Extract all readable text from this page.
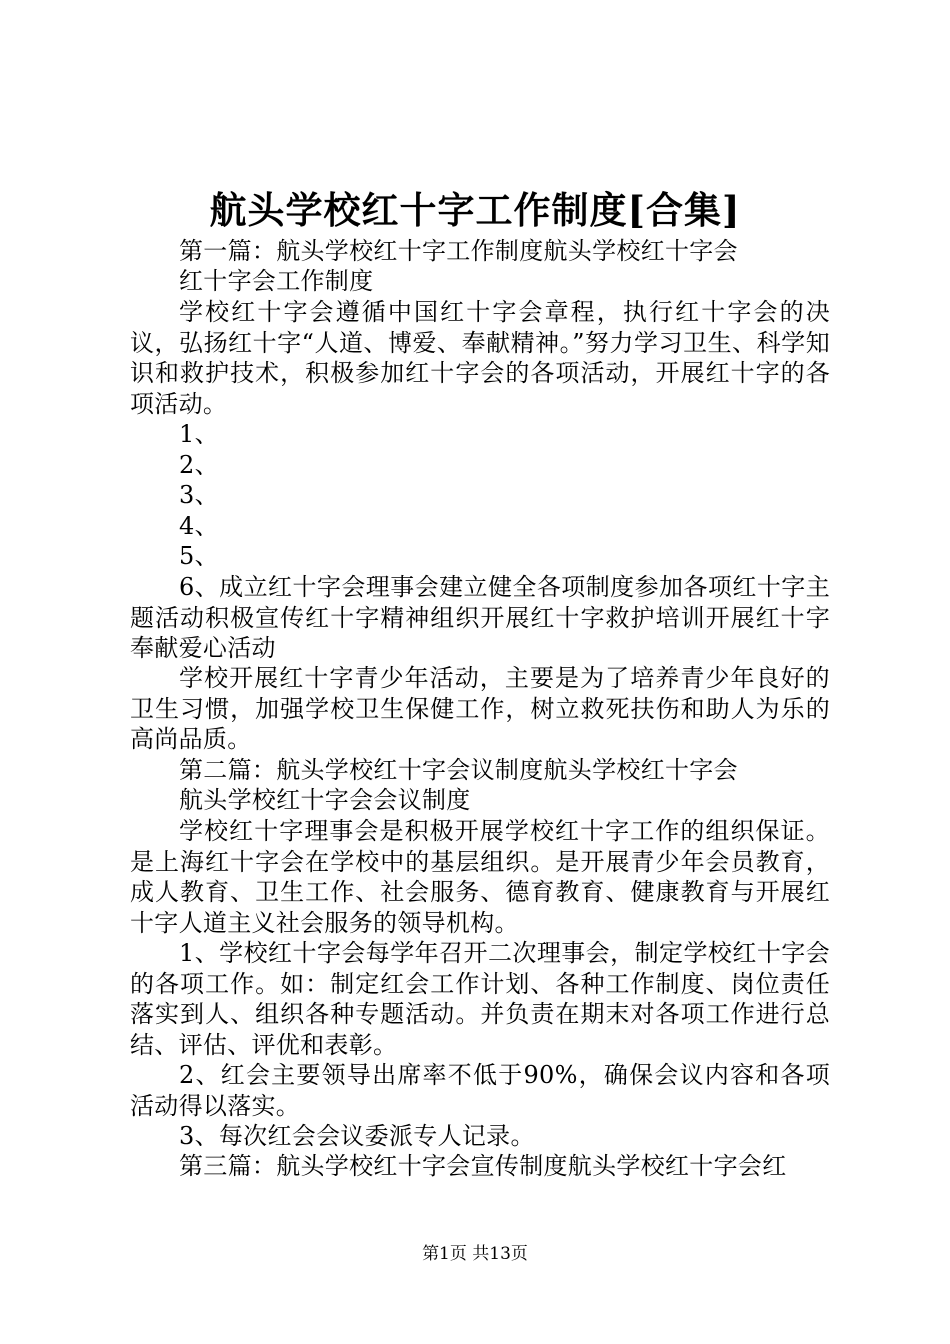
航头学校红十字工作制度[合集]

第一篇：航头学校红十字工作制度航头学校红十字会

红十字会工作制度

学校红十字会遵循中国红十字会章程，执行红十字会的决议，弘扬红十字“人道、博爱、奉献精神。”努力学习卫生、科学知识和救护技术，积极参加红十字会的各项活动，开展红十字的各项活动。

1、

2、

3、

4、

5、

6、成立红十字会理事会建立健全各项制度参加各项红十字主题活动积极宣传红十字精神组织开展红十字救护培训开展红十字奉献爱心活动

学校开展红十字青少年活动，主要是为了培养青少年良好的卫生习惯，加强学校卫生保健工作，树立救死扶伤和助人为乐的高尚品质。

第二篇：航头学校红十字会议制度航头学校红十字会

航头学校红十字会会议制度

学校红十字理事会是积极开展学校红十字工作的组织保证。是上海红十字会在学校中的基层组织。是开展青少年会员教育，成人教育、卫生工作、社会服务、德育教育、健康教育与开展红十字人道主义社会服务的领导机构。

1、学校红十字会每学年召开二次理事会，制定学校红十字会的各项工作。如：制定红会工作计划、各种工作制度、岗位责任落实到人、组织各种专题活动。并负责在期末对各项工作进行总结、评估、评优和表彰。

2、红会主要领导出席率不低于90%，确保会议内容和各项活动得以落实。

3、每次红会会议委派专人记录。

第三篇：航头学校红十字会宣传制度航头学校红十字会红

第1页 共13页
